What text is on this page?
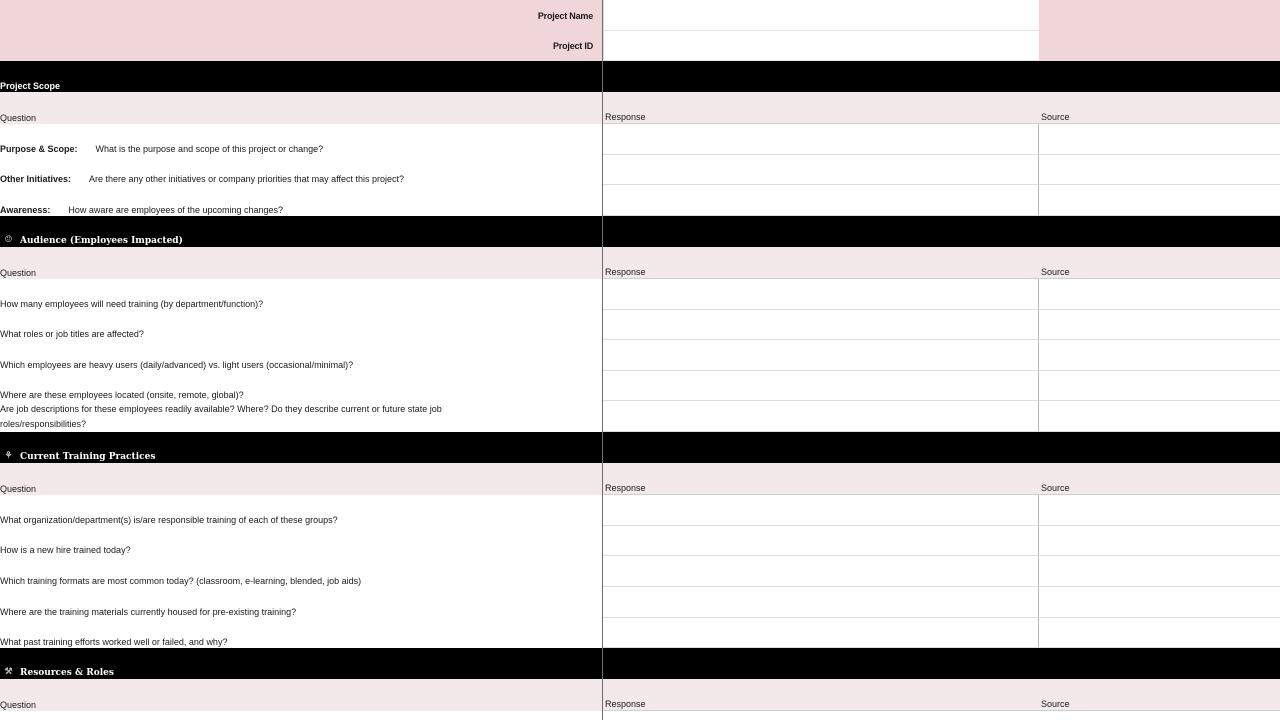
Project Name
Project ID
Project Scope
Question	Response	Source
Purpose & Scope: What is the purpose and scope of this project or change?
Other Initiatives: Are there any other initiatives or company priorities that may affect this project?
Awareness: How aware are employees of the upcoming changes?
☺ Audience (Employees Impacted)
Question	Response	Source
How many employees will need training (by department/function)?
What roles or job titles are affected?
Which employees are heavy users (daily/advanced) vs. light users (occasional/minimal)?
Where are these employees located (onsite, remote, global)?
Are job descriptions for these employees readily available? Where? Do they describe current or future state job roles/responsibilities?
⚘ Current Training Practices
Question	Response	Source
What organization/department(s) is/are responsible training of each of these groups?
How is a new hire trained today?
Which training formats are most common today? (classroom, e-learning, blended, job aids)
Where are the training materials currently housed for pre-existing training?
What past training efforts worked well or failed, and why?
⚒ Resources & Roles
Question	Response	Source
